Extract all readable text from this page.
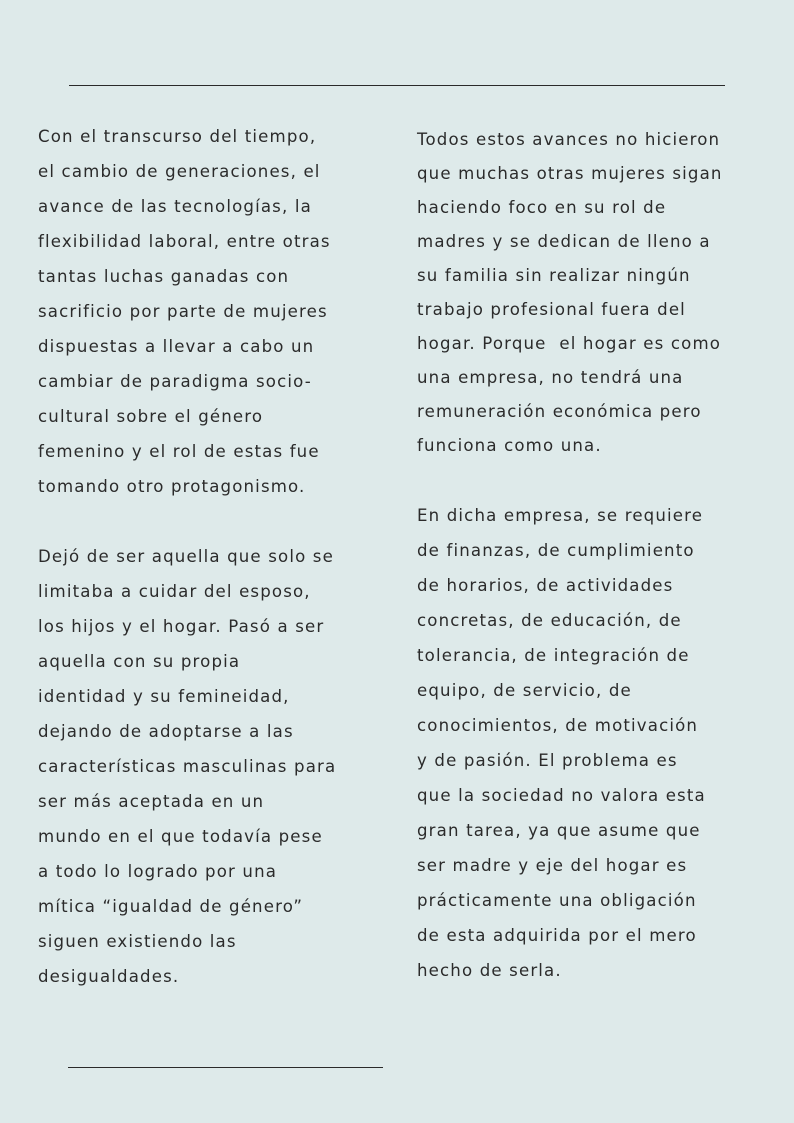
Con el transcurso del tiempo,
el cambio de generaciones, el
avance de las tecnologías, la
flexibilidad laboral, entre otras
tantas luchas ganadas con
sacrificio por parte de mujeres
dispuestas a llevar a cabo un
cambiar de paradigma socio-
cultural sobre el género
femenino y el rol de estas fue
tomando otro protagonismo.

Dejó de ser aquella que solo se
limitaba a cuidar del esposo,
los hijos y el hogar. Pasó a ser
aquella con su propia
identidad y su femineidad,
dejando de adoptarse a las
características masculinas para
ser más aceptada en un
mundo en el que todavía pese
a todo lo logrado por una
mítica “igualdad de género”
siguen existiendo las
desigualdades.

Todos estos avances no hicieron
que muchas otras mujeres sigan
haciendo foco en su rol de
madres y se dedican de lleno a
su familia sin realizar ningún
trabajo profesional fuera del
hogar. Porque  el hogar es como
una empresa, no tendrá una
remuneración económica pero
funciona como una.

En dicha empresa, se requiere
de finanzas, de cumplimiento
de horarios, de actividades
concretas, de educación, de
tolerancia, de integración de
equipo, de servicio, de
conocimientos, de motivación
y de pasión. El problema es
que la sociedad no valora esta
gran tarea, ya que asume que
ser madre y eje del hogar es
prácticamente una obligación
de esta adquirida por el mero
hecho de serla.
